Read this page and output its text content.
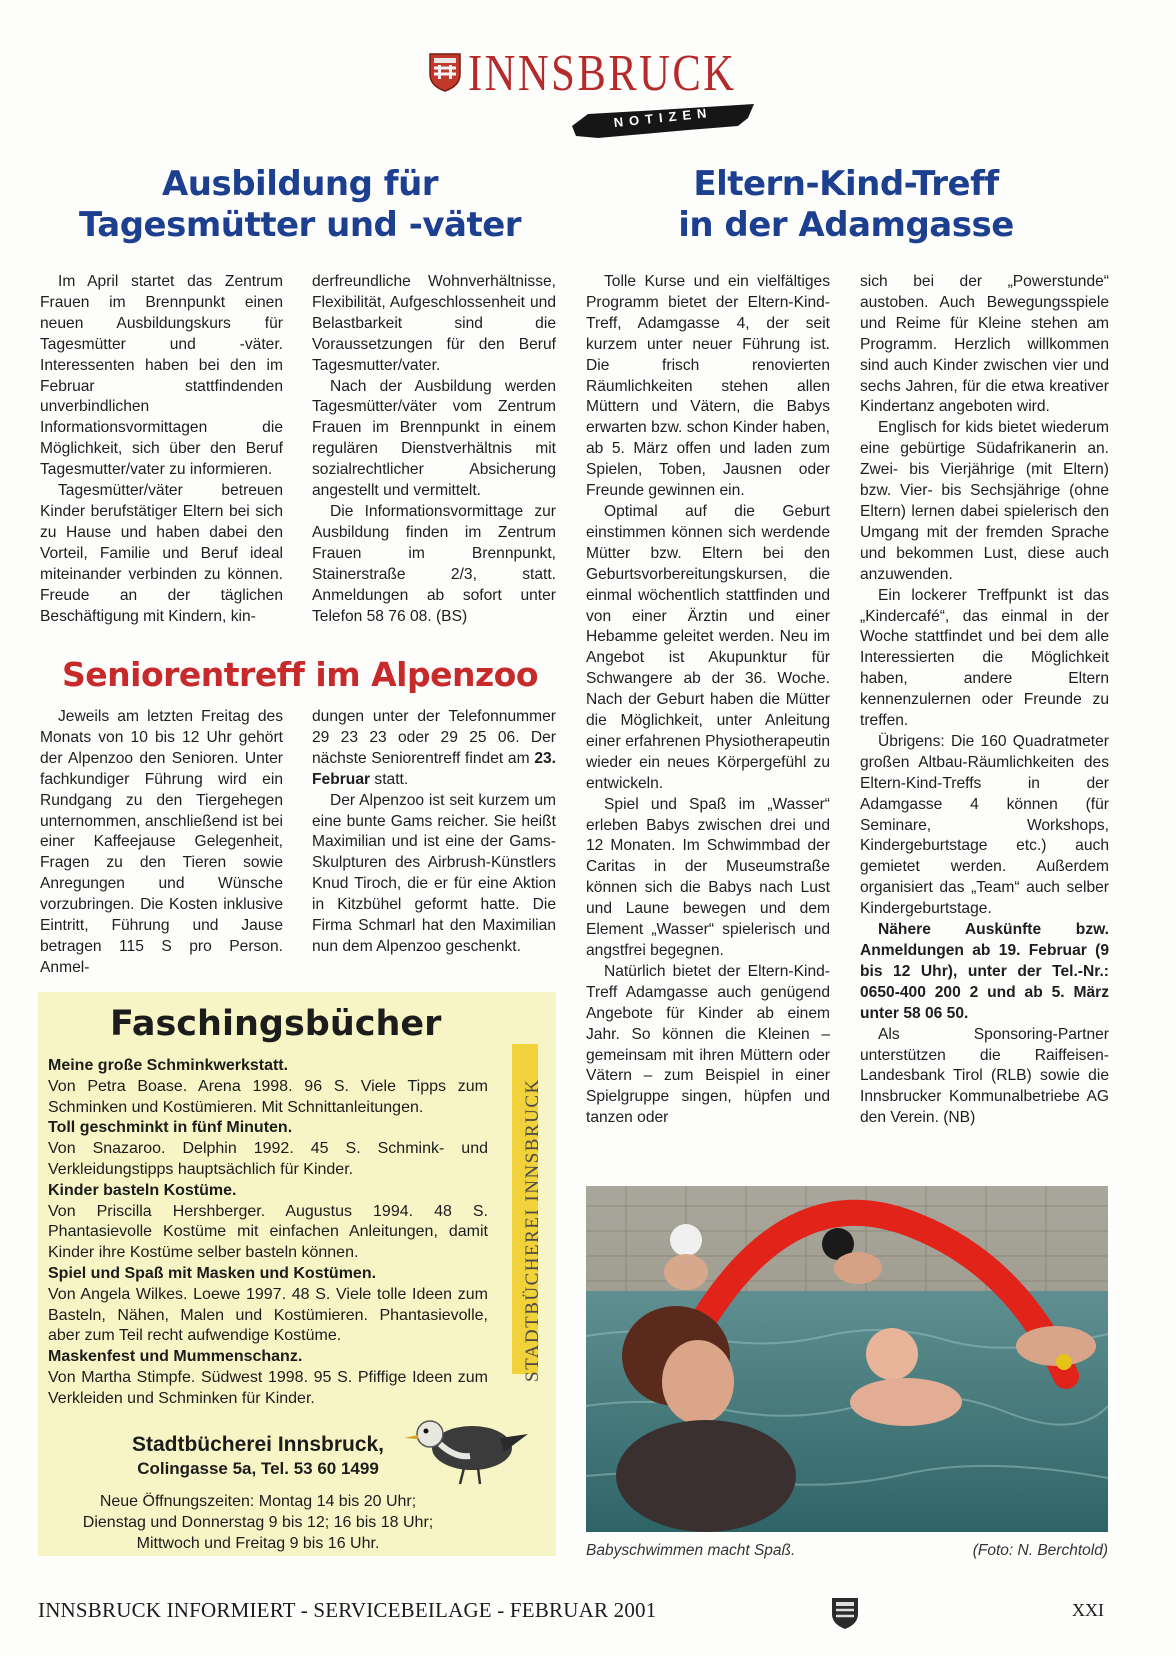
INNSBRUCK
NOTIZEN
Ausbildung für
Tagesmütter und -väter

Im April startet das Zentrum Frauen im Brennpunkt einen neuen Ausbildungskurs für Tagesmütter und -väter. Interessenten haben bei den im Februar stattfindenden unverbindlichen Informationsvormittagen die Möglichkeit, sich über den Beruf Tagesmutter/vater zu informieren.

Tagesmütter/väter betreuen Kinder berufstätiger Eltern bei sich zu Hause und haben dabei den Vorteil, Familie und Beruf ideal miteinander verbinden zu können. Freude an der täglichen Beschäftigung mit Kindern, kin-

derfreundliche Wohnverhältnisse, Flexibilität, Aufgeschlossenheit und Belastbarkeit sind die Voraussetzungen für den Beruf Tagesmutter/vater.

Nach der Ausbildung werden Tagesmütter/väter vom Zentrum Frauen im Brennpunkt in einem regulären Dienstverhältnis mit sozialrechtlicher Absicherung angestellt und vermittelt.

Die Informationsvormittage zur Ausbildung finden im Zentrum Frauen im Brennpunkt, Stainerstraße 2/3, statt. Anmeldungen ab sofort unter Telefon 58 76 08. (BS)

Seniorentreff im Alpenzoo

Jeweils am letzten Freitag des Monats von 10 bis 12 Uhr gehört der Alpenzoo den Senioren. Unter fachkundiger Führung wird ein Rundgang zu den Tiergehegen unternommen, anschließend ist bei einer Kaffeejause Gelegenheit, Fragen zu den Tieren sowie Anregungen und Wünsche vorzubringen. Die Kosten inklusive Eintritt, Führung und Jause betragen 115 S pro Person. Anmel-

dungen unter der Telefonnummer 29 23 23 oder 29 25 06. Der nächste Seniorentreff findet am 23. Februar statt.

Der Alpenzoo ist seit kurzem um eine bunte Gams reicher. Sie heißt Maximilian und ist eine der Gams-Skulpturen des Airbrush-Künstlers Knud Tiroch, die er für eine Aktion in Kitzbühel geformt hatte. Die Firma Schmarl hat den Maximilian nun dem Alpenzoo geschenkt.

Eltern-Kind-Treff
in der Adamgasse

Tolle Kurse und ein vielfältiges Programm bietet der Eltern-Kind-Treff, Adamgasse 4, der seit kurzem unter neuer Führung ist. Die frisch renovierten Räumlichkeiten stehen allen Müttern und Vätern, die Babys erwarten bzw. schon Kinder haben, ab 5. März offen und laden zum Spielen, Toben, Jausnen oder Freunde gewinnen ein.

Optimal auf die Geburt einstimmen können sich werdende Mütter bzw. Eltern bei den Geburtsvorbereitungskursen, die einmal wöchentlich stattfinden und von einer Ärztin und einer Hebamme geleitet werden. Neu im Angebot ist Akupunktur für Schwangere ab der 36. Woche. Nach der Geburt haben die Mütter die Möglichkeit, unter Anleitung einer erfahrenen Physiotherapeutin wieder ein neues Körpergefühl zu entwickeln.

Spiel und Spaß im „Wasser“ erleben Babys zwischen drei und 12 Monaten. Im Schwimmbad der Caritas in der Museumstraße können sich die Babys nach Lust und Laune bewegen und dem Element „Wasser“ spielerisch und angstfrei begegnen.

Natürlich bietet der Eltern-Kind-Treff Adamgasse auch genügend Angebote für Kinder ab einem Jahr. So können die Kleinen – gemeinsam mit ihren Müttern oder Vätern – zum Beispiel in einer Spielgruppe singen, hüpfen und tanzen oder

sich bei der „Powerstunde“ austoben. Auch Bewegungsspiele und Reime für Kleine stehen am Programm. Herzlich willkommen sind auch Kinder zwischen vier und sechs Jahren, für die etwa kreativer Kindertanz angeboten wird.

Englisch for kids bietet wiederum eine gebürtige Südafrikanerin an. Zwei- bis Vierjährige (mit Eltern) bzw. Vier- bis Sechsjährige (ohne Eltern) lernen dabei spielerisch den Umgang mit der fremden Sprache und bekommen Lust, diese auch anzuwenden.

Ein lockerer Treffpunkt ist das „Kindercafé“, das einmal in der Woche stattfindet und bei dem alle Interessierten die Möglichkeit haben, andere Eltern kennenzulernen oder Freunde zu treffen.

Übrigens: Die 160 Quadratmeter großen Altbau-Räumlichkeiten des Eltern-Kind-Treffs in der Adamgasse 4 können (für Seminare, Workshops, Kindergeburtstage etc.) auch gemietet werden. Außerdem organisiert das „Team“ auch selber Kindergeburtstage.

Nähere Auskünfte bzw. Anmeldungen ab 19. Februar (9 bis 12 Uhr), unter der Tel.-Nr.: 0650-400 200 2 und ab 5. März unter 58 06 50.

Als Sponsoring-Partner unterstützen die Raiffeisen-Landesbank Tirol (RLB) sowie die Innsbrucker Kommunalbetriebe AG den Verein. (NB)

Faschingsbücher
Meine große Schminkwerkstatt.
Von Petra Boase. Arena 1998. 96 S. Viele Tipps zum Schminken und Kostümieren. Mit Schnittanleitungen.
Toll geschminkt in fünf Minuten.
Von Snazaroo. Delphin 1992. 45 S. Schmink- und Verkleidungstipps hauptsächlich für Kinder.
Kinder basteln Kostüme.
Von Priscilla Hershberger. Augustus 1994. 48 S. Phantasievolle Kostüme mit einfachen Anleitungen, damit Kinder ihre Kostüme selber basteln können.
Spiel und Spaß mit Masken und Kostümen.
Von Angela Wilkes. Loewe 1997. 48 S. Viele tolle Ideen zum Basteln, Nähen, Malen und Kostümieren. Phantasievolle, aber zum Teil recht aufwendige Kostüme.
Maskenfest und Mummenschanz.
Von Martha Stimpfe. Südwest 1998. 95 S. Pfiffige Ideen zum Verkleiden und Schminken für Kinder.
STADTBÜCHEREI INNSBRUCK
Stadtbücherei Innsbruck,
Colingasse 5a, Tel. 53 60 1499
Neue Öffnungszeiten: Montag 14 bis 20 Uhr;
Dienstag und Donnerstag 9 bis 12; 16 bis 18 Uhr;
Mittwoch und Freitag 9 bis 16 Uhr.	Babyschwimmen macht Spaß.	(Foto: N. Berchtold)
INNSBRUCK INFORMIERT - SERVICEBEILAGE - FEBRUAR 2001	XXI
